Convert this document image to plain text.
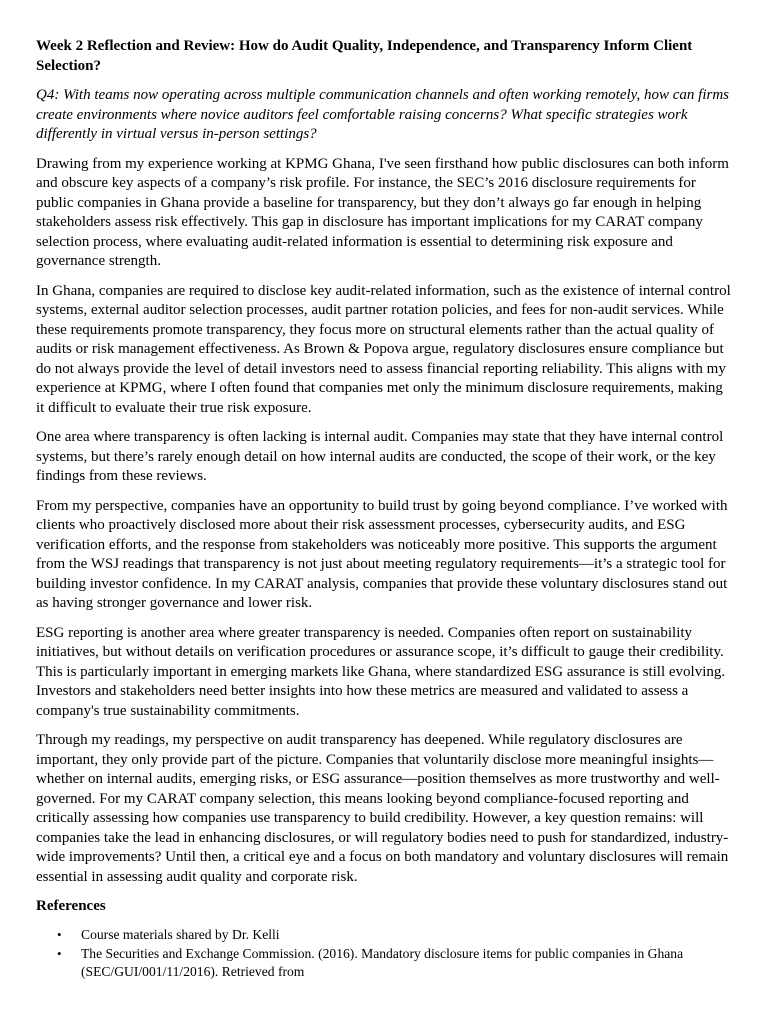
Week 2 Reflection and Review: How do Audit Quality, Independence, and Transparency Inform Client Selection?
Q4: With teams now operating across multiple communication channels and often working remotely, how can firms create environments where novice auditors feel comfortable raising concerns? What specific strategies work differently in virtual versus in-person settings?

Drawing from my experience working at KPMG Ghana, I've seen firsthand how public disclosures can both inform and obscure key aspects of a company’s risk profile. For instance, the SEC’s 2016 disclosure requirements for public companies in Ghana provide a baseline for transparency, but they don’t always go far enough in helping stakeholders assess risk effectively. This gap in disclosure has important implications for my CARAT company selection process, where evaluating audit-related information is essential to determining risk exposure and governance strength.

In Ghana, companies are required to disclose key audit-related information, such as the existence of internal control systems, external auditor selection processes, audit partner rotation policies, and fees for non-audit services. While these requirements promote transparency, they focus more on structural elements rather than the actual quality of audits or risk management effectiveness. As Brown & Popova argue, regulatory disclosures ensure compliance but do not always provide the level of detail investors need to assess financial reporting reliability. This aligns with my experience at KPMG, where I often found that companies met only the minimum disclosure requirements, making it difficult to evaluate their true risk exposure.

One area where transparency is often lacking is internal audit. Companies may state that they have internal control systems, but there’s rarely enough detail on how internal audits are conducted, the scope of their work, or the key findings from these reviews.

From my perspective, companies have an opportunity to build trust by going beyond compliance. I’ve worked with clients who proactively disclosed more about their risk assessment processes, cybersecurity audits, and ESG verification efforts, and the response from stakeholders was noticeably more positive. This supports the argument from the WSJ readings that transparency is not just about meeting regulatory requirements—it’s a strategic tool for building investor confidence. In my CARAT analysis, companies that provide these voluntary disclosures stand out as having stronger governance and lower risk.

ESG reporting is another area where greater transparency is needed. Companies often report on sustainability initiatives, but without details on verification procedures or assurance scope, it’s difficult to gauge their credibility. This is particularly important in emerging markets like Ghana, where standardized ESG assurance is still evolving. Investors and stakeholders need better insights into how these metrics are measured and validated to assess a company's true sustainability commitments.

Through my readings, my perspective on audit transparency has deepened. While regulatory disclosures are important, they only provide part of the picture. Companies that voluntarily disclose more meaningful insights—whether on internal audits, emerging risks, or ESG assurance—position themselves as more trustworthy and well-governed. For my CARAT company selection, this means looking beyond compliance-focused reporting and critically assessing how companies use transparency to build credibility. However, a key question remains: will companies take the lead in enhancing disclosures, or will regulatory bodies need to push for standardized, industry-wide improvements? Until then, a critical eye and a focus on both mandatory and voluntary disclosures will remain essential in assessing audit quality and corporate risk.

References
• Course materials shared by Dr. Kelli
• The Securities and Exchange Commission. (2016). Mandatory disclosure items for public companies in Ghana (SEC/GUI/001/11/2016). Retrieved from
